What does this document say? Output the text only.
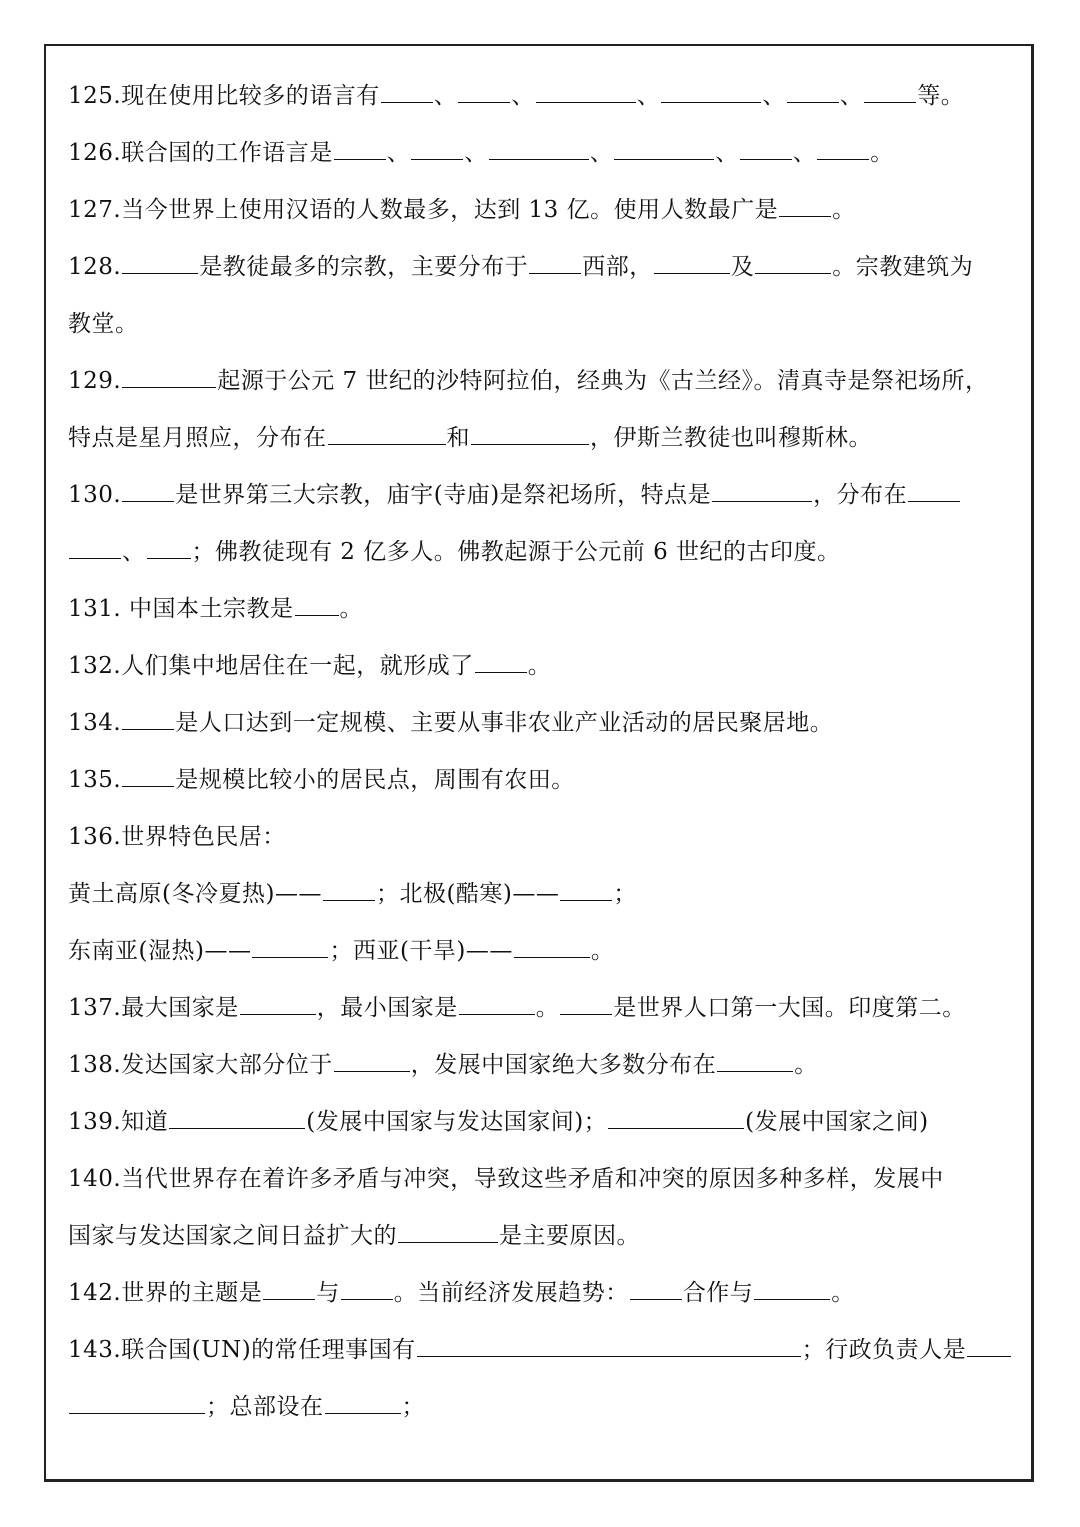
125.现在使用比较多的语言有 、 、	、	、 、 等。
126.联合国的工作语言是 、 、	、	、 、 。
127.当今世界上使用汉语的人数最多，达到 13 亿。使用人数最广是 。
128.	是教徒最多的宗教，主要分布于 西部，	及	。宗教建筑为
教堂。
129.	起源于公元 7 世纪的沙特阿拉伯，经典为《古兰经》。清真寺是祭祀场所，
特点是星月照应，分布在	和	，伊斯兰教徒也叫穆斯林。
130. 是世界第三大宗教，庙宇(寺庙)是祭祀场所，特点是	，分布在
、 ；佛教徒现有 2 亿多人。佛教起源于公元前 6 世纪的古印度。
131. 中国本土宗教是 。
132.人们集中地居住在一起，就形成了 。
134. 是人口达到一定规模、主要从事非农业产业活动的居民聚居地。
135. 是规模比较小的居民点，周围有农田。
136.世界特色民居：
黄土高原(冬冷夏热)—— ；北极(酷寒)—— ；
东南亚(湿热)——	；西亚(干旱)——	。
137.最大国家是	，最小国家是	。 是世界人口第一大国。印度第二。
138.发达国家大部分位于	，发展中国家绝大多数分布在	。
139.知道	(发展中国家与发达国家间)；	(发展中国家之间)
140.当代世界存在着许多矛盾与冲突，导致这些矛盾和冲突的原因多种多样，发展中
国家与发达国家之间日益扩大的	是主要原因。
142.世界的主题是 与 。当前经济发展趋势： 合作与	。
143.联合国(UN)的常任理事国有	；行政负责人是
；总部设在	；
